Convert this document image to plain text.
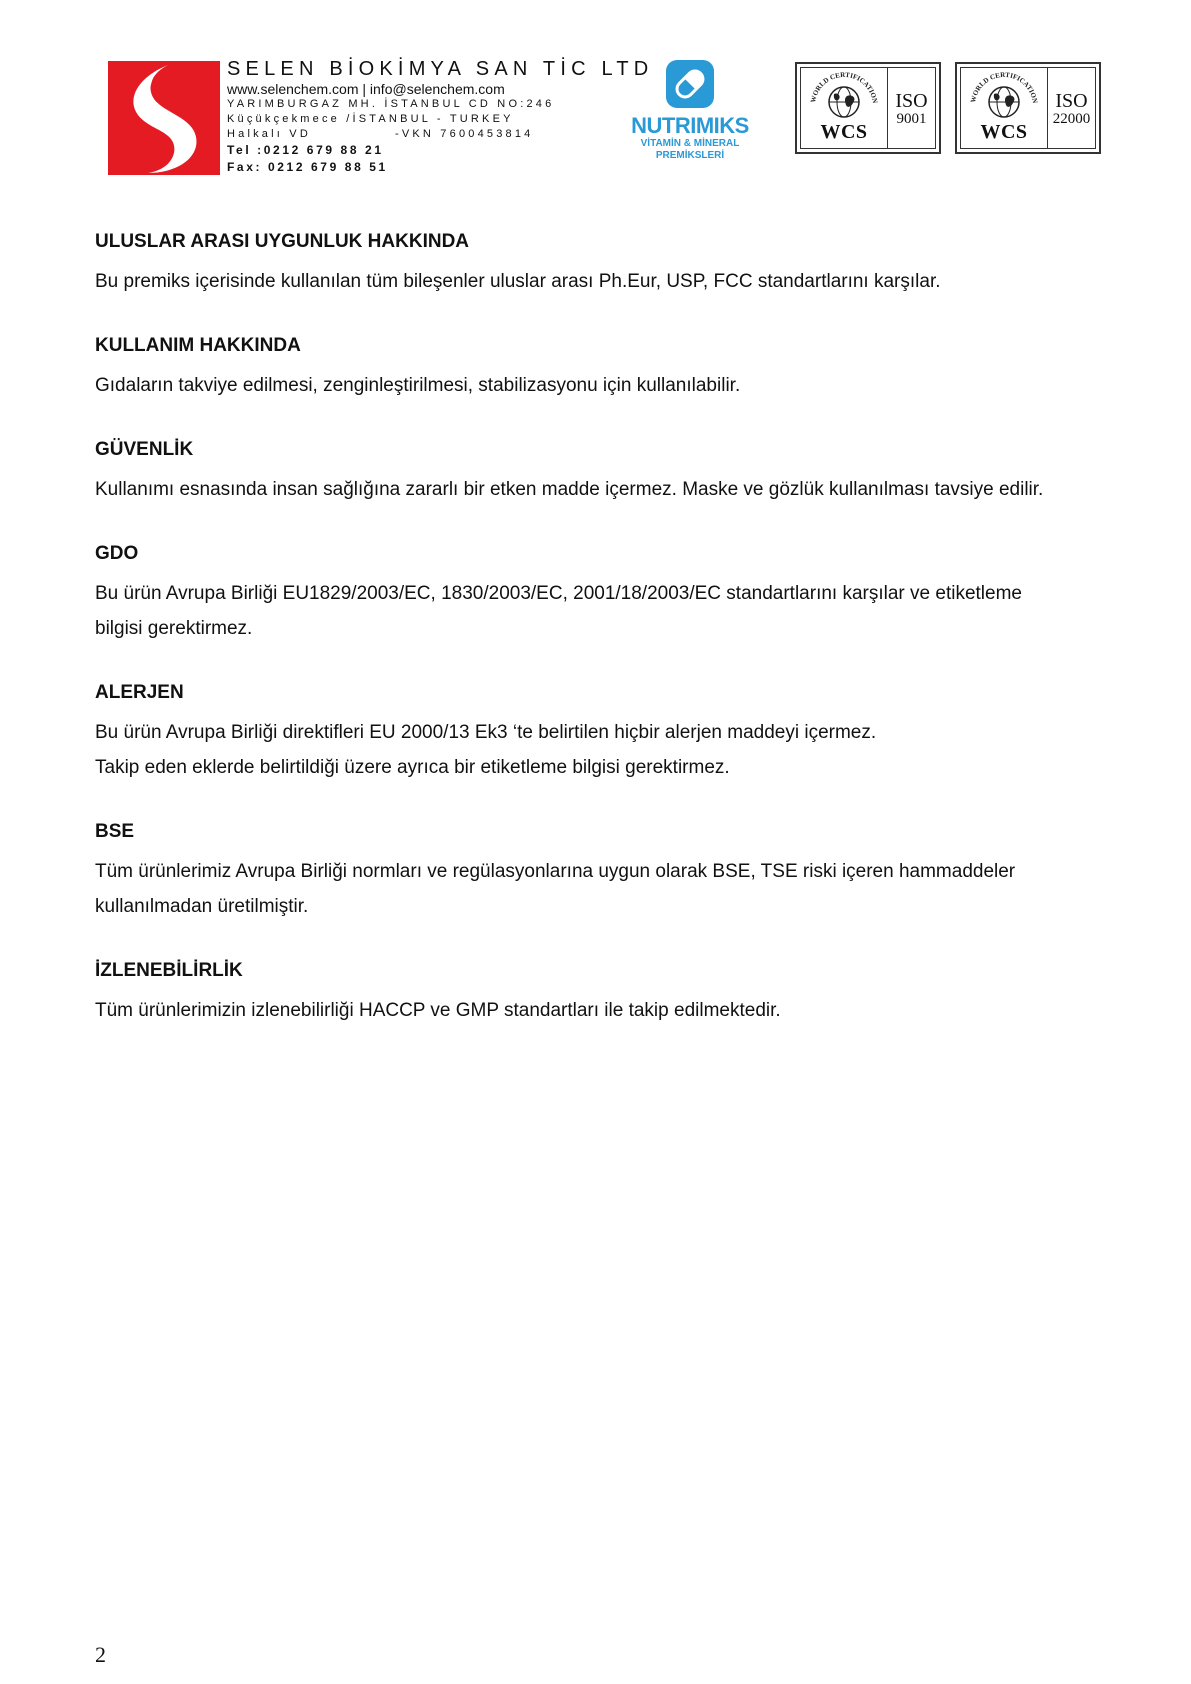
SELEN BİOKİMYA SAN TİC LTD
www.selenchem.com | info@selenchem.com
YARIMBURGAZ MH. İSTANBUL CD NO:246
Küçükçekmece /İSTANBUL - TURKEY
Halkalı VD	-VKN 7600453814
Tel :0212 679 88 21
Fax: 0212 679 88 51
NUTRIMIKS
VİTAMİN & MİNERAL
PREMİKSLERİ
WORLD CERTIFICATION
WCS
ISO
9001
WORLD CERTIFICATION
WCS
ISO
22000
ULUSLAR ARASI UYGUNLUK HAKKINDA
Bu premiks içerisinde kullanılan tüm bileşenler uluslar arası Ph.Eur, USP, FCC standartlarını karşılar.
KULLANIM HAKKINDA
Gıdaların takviye edilmesi, zenginleştirilmesi, stabilizasyonu için kullanılabilir.
GÜVENLİK
Kullanımı esnasında insan sağlığına zararlı bir etken madde içermez. Maske ve gözlük kullanılması tavsiye edilir.
GDO
Bu ürün Avrupa Birliği EU1829/2003/EC, 1830/2003/EC, 2001/18/2003/EC standartlarını karşılar ve etiketleme
bilgisi gerektirmez.
ALERJEN
Bu ürün Avrupa Birliği direktifleri EU 2000/13 Ek3 ‘te belirtilen hiçbir alerjen maddeyi içermez.
Takip eden eklerde belirtildiği üzere ayrıca bir etiketleme bilgisi gerektirmez.
BSE
Tüm ürünlerimiz Avrupa Birliği normları ve regülasyonlarına uygun olarak BSE, TSE riski içeren hammaddeler
kullanılmadan üretilmiştir.
İZLENEBİLİRLİK
Tüm ürünlerimizin izlenebilirliği HACCP ve GMP standartları ile takip edilmektedir.
2
